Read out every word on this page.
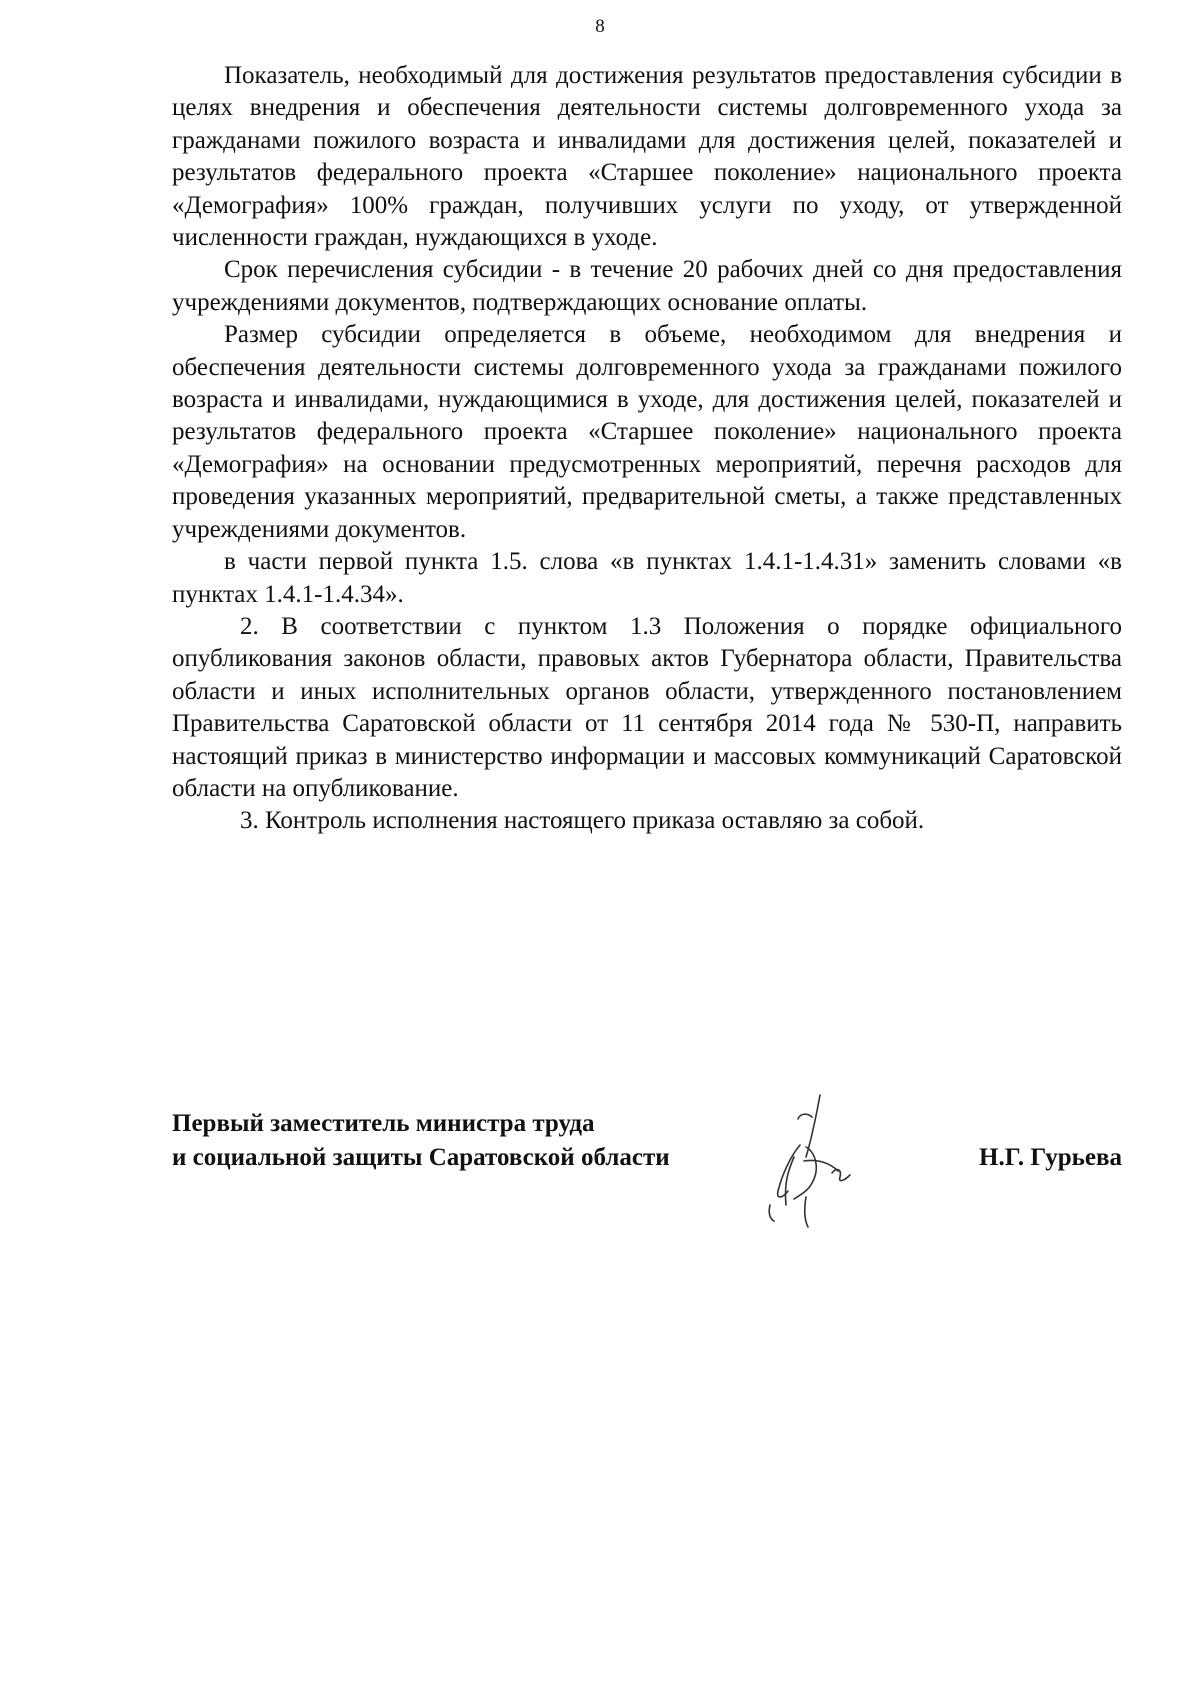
8

Показатель, необходимый для достижения результатов предоставления субсидии в целях внедрения и обеспечения деятельности системы долговременного ухода за гражданами пожилого возраста и инвалидами для достижения целей, показателей и результатов федерального проекта «Старшее поколение» национального проекта «Демография» 100% граждан, получивших услуги по уходу, от утвержденной численности граждан, нуждающихся в уходе.

Срок перечисления субсидии - в течение 20 рабочих дней со дня предоставления учреждениями документов, подтверждающих основание оплаты.

Размер субсидии определяется в объеме, необходимом для внедрения и обеспечения деятельности системы долговременного ухода за гражданами пожилого возраста и инвалидами, нуждающимися в уходе, для достижения целей, показателей и результатов федерального проекта «Старшее поколение» национального проекта «Демография» на основании предусмотренных мероприятий, перечня расходов для проведения указанных мероприятий, предварительной сметы, а также представленных учреждениями документов.

в части первой пункта 1.5. слова «в пунктах 1.4.1-1.4.31» заменить словами «в пунктах 1.4.1-1.4.34».

2. В соответствии с пунктом 1.3 Положения о порядке официального опубликования законов области, правовых актов Губернатора области, Правительства области и иных исполнительных органов области, утвержденного постановлением Правительства Саратовской области от 11 сентября 2014 года № 530-П, направить настоящий приказ в министерство информации и массовых коммуникаций Саратовской области на опубликование.

3. Контроль исполнения настоящего приказа оставляю за собой.

Первый заместитель министра труда
и социальной защиты Саратовской области	Н.Г. Гурьева
